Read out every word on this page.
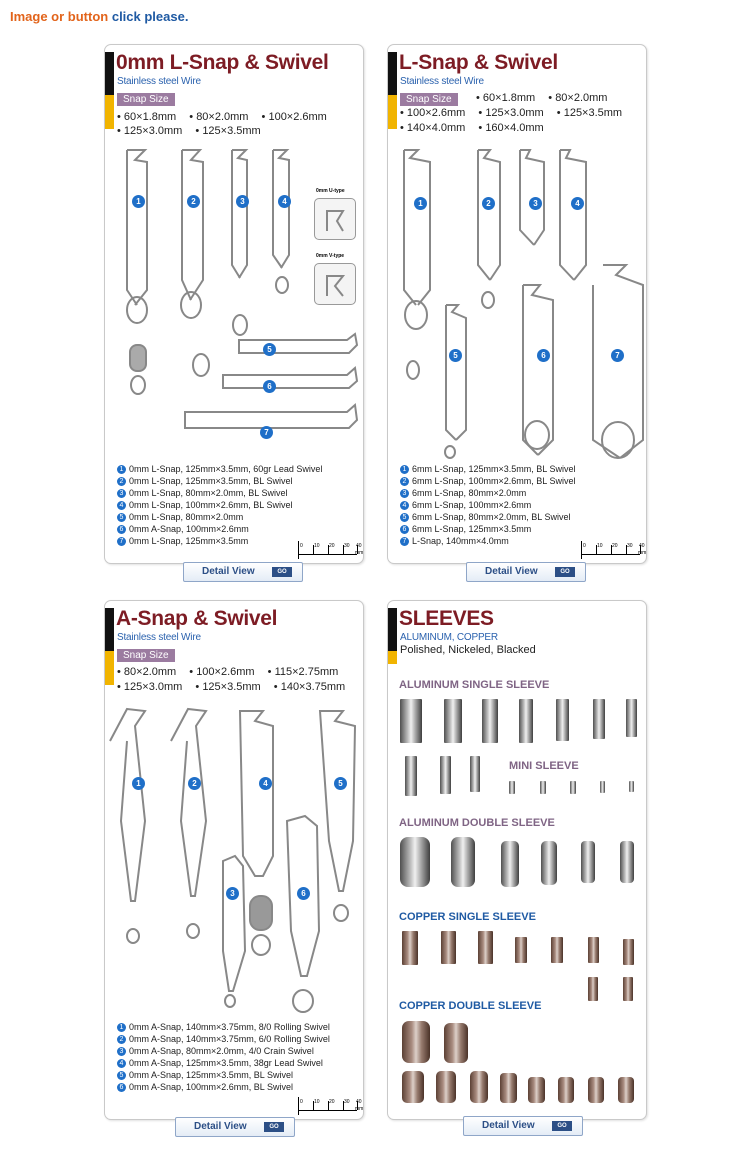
Image or button click please.
0mm L-Snap & Swivel
Stainless steel Wire
Snap Size
• 60×1.8mm • 80×2.0mm • 100×2.6mm
• 125×3.0mm • 125×3.5mm
0mm U-type
0mm V-type
1	2	3	4
5
6
7
1 0mm L-Snap, 125mm×3.5mm, 60gr Lead Swivel
2 0mm L-Snap, 125mm×3.5mm, BL Swivel
3 0mm L-Snap, 80mm×2.0mm, BL Swivel
4 0mm L-Snap, 100mm×2.6mm, BL Swivel
5 0mm L-Snap, 80mm×2.0mm
6 0mm A-Snap, 100mm×2.6mm
7 0mm L-Snap, 125mm×3.5mm	0 10 20 30 40
mm
Detail View	GO
L-Snap & Swivel
Stainless steel Wire
Snap Size	• 60×1.8mm • 80×2.0mm
• 100×2.6mm • 125×3.0mm • 125×3.5mm
• 140×4.0mm • 160×4.0mm
1	2	3	4
5	6	7
1 6mm L-Snap, 125mm×3.5mm, BL Swivel
2 6mm L-Snap, 100mm×2.6mm, BL Swivel
3 6mm L-Snap, 80mm×2.0mm
4 6mm L-Snap, 100mm×2.6mm
5 6mm L-Snap, 80mm×2.0mm, BL Swivel
6 6mm L-Snap, 125mm×3.5mm
7 L-Snap, 140mm×4.0mm	0 10 20 30 40
mm
Detail View	GO
A-Snap & Swivel
Stainless steel Wire
Snap Size
• 80×2.0mm • 100×2.6mm • 115×2.75mm
• 125×3.0mm • 125×3.5mm • 140×3.75mm
1	2
3
4	5
6
1 0mm A-Snap, 140mm×3.75mm, 8/0 Rolling Swivel
2 0mm A-Snap, 140mm×3.75mm, 6/0 Rolling Swivel
3 0mm A-Snap, 80mm×2.0mm, 4/0 Crain Swivel
4 0mm A-Snap, 125mm×3.5mm, 38gr Lead Swivel
5 0mm A-Snap, 125mm×3.5mm, BL Swivel
6 0mm A-Snap, 100mm×2.6mm, BL Swivel
0 10 20 30 40
mm
Detail View	GO
SLEEVES
ALUMINUM, COPPER
Polished, Nickeled, Blacked
ALUMINUM SINGLE SLEEVE
MINI SLEEVE
ALUMINUM DOUBLE SLEEVE
COPPER SINGLE SLEEVE
COPPER DOUBLE SLEEVE
Detail View	GO
